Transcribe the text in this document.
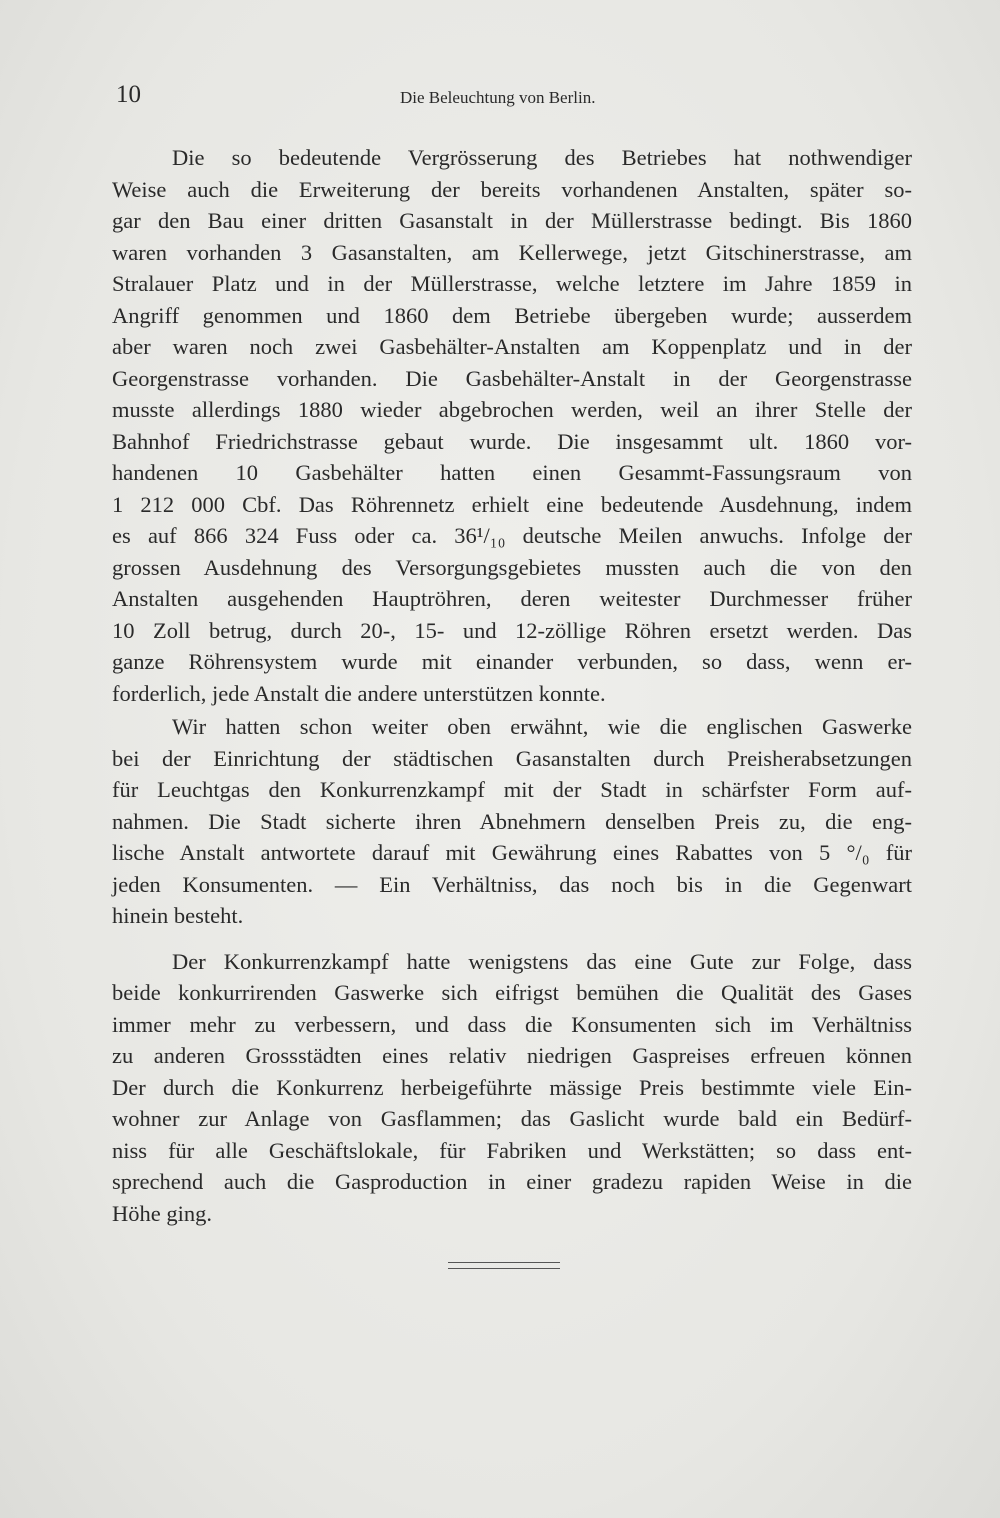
10	Die Beleuchtung von Berlin.

Die so bedeutende Vergrösserung des Betriebes hat nothwendiger
Weise auch die Erweiterung der bereits vorhandenen Anstalten, später so-
gar den Bau einer dritten Gasanstalt in der Müllerstrasse bedingt. Bis 1860
waren vorhanden 3 Gasanstalten, am Kellerwege, jetzt Gitschinerstrasse, am
Stralauer Platz und in der Müllerstrasse, welche letztere im Jahre 1859 in
Angriff genommen und 1860 dem Betriebe übergeben wurde; ausserdem
aber waren noch zwei Gasbehälter-Anstalten am Koppenplatz und in der
Georgenstrasse vorhanden. Die Gasbehälter-Anstalt in der Georgenstrasse
musste allerdings 1880 wieder abgebrochen werden, weil an ihrer Stelle der
Bahnhof Friedrichstrasse gebaut wurde. Die insgesammt ult. 1860 vor-
handenen 10 Gasbehälter hatten einen Gesammt-Fassungsraum von
1 212 000 Cbf. Das Röhrennetz erhielt eine bedeutende Ausdehnung, indem
es auf 866 324 Fuss oder ca. 36¹/₁₀ deutsche Meilen anwuchs. Infolge der
grossen Ausdehnung des Versorgungsgebietes mussten auch die von den
Anstalten ausgehenden Hauptröhren, deren weitester Durchmesser früher
10 Zoll betrug, durch 20-, 15- und 12-zöllige Röhren ersetzt werden. Das
ganze Röhrensystem wurde mit einander verbunden, so dass, wenn er-
forderlich, jede Anstalt die andere unterstützen konnte.

Wir hatten schon weiter oben erwähnt, wie die englischen Gaswerke
bei der Einrichtung der städtischen Gasanstalten durch Preisherabsetzungen
für Leuchtgas den Konkurrenzkampf mit der Stadt in schärfster Form auf-
nahmen. Die Stadt sicherte ihren Abnehmern denselben Preis zu, die eng-
lische Anstalt antwortete darauf mit Gewährung eines Rabattes von 5 °/₀ für
jeden Konsumenten. — Ein Verhältniss, das noch bis in die Gegenwart
hinein besteht.

Der Konkurrenzkampf hatte wenigstens das eine Gute zur Folge, dass
beide konkurrirenden Gaswerke sich eifrigst bemühen die Qualität des Gases
immer mehr zu verbessern, und dass die Konsumenten sich im Verhältniss
zu anderen Grossstädten eines relativ niedrigen Gaspreises erfreuen können
Der durch die Konkurrenz herbeigeführte mässige Preis bestimmte viele Ein-
wohner zur Anlage von Gasflammen; das Gaslicht wurde bald ein Bedürf-
niss für alle Geschäftslokale, für Fabriken und Werkstätten; so dass ent-
sprechend auch die Gasproduction in einer gradezu rapiden Weise in die
Höhe ging.
